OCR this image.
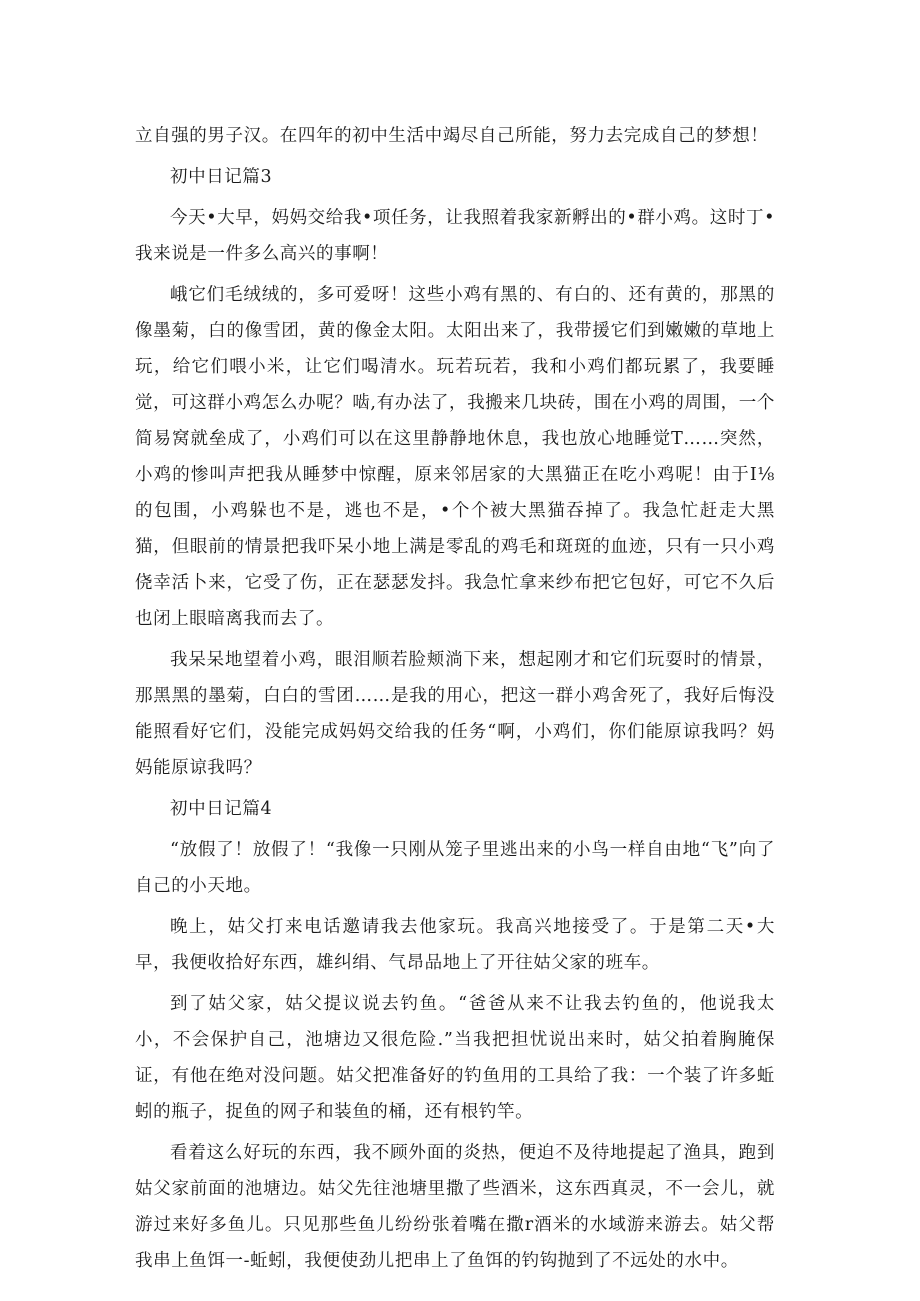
立自强的男子汉。在四年的初中生活中竭尽自己所能，努力去完成自己的梦想！

初中日记篇3

今天•大早，妈妈交给我•项任务，让我照着我家新孵出的•群小鸡。这时丁•我来说是一件多么高兴的事啊！

峨它们毛绒绒的，多可爱呀！这些小鸡有黑的、有白的、还有黄的，那黑的像墨菊，白的像雪团，黄的像金太阳。太阳出来了，我带援它们到嫩嫩的草地上玩，给它们喂小米，让它们喝清水。玩若玩若，我和小鸡们都玩累了，我要睡觉，可这群小鸡怎么办呢？啮,有办法了，我搬来几块砖，围在小鸡的周围，一个简易窝就垒成了，小鸡们可以在这里静静地休息，我也放心地睡觉T……突然，小鸡的惨叫声把我从睡梦中惊醒，原来邻居家的大黑猫正在吃小鸡呢！由于I⅛的包围，小鸡躲也不是，逃也不是，•个个被大黑猫吞掉了。我急忙赶走大黑猫，但眼前的情景把我吓呆小地上满是零乱的鸡毛和斑斑的血迹，只有一只小鸡侥幸活卜来，它受了伤，正在瑟瑟发抖。我急忙拿来纱布把它包好，可它不久后也闭上眼暗离我而去了。

我呆呆地望着小鸡，眼泪顺若脸颊淌下来，想起刚才和它们玩耍时的情景，那黑黑的墨菊，白白的雪团……是我的用心，把这一群小鸡舍死了，我好后悔没能照看好它们，没能完成妈妈交给我的任务“啊，小鸡们，你们能原谅我吗？妈妈能原谅我吗？

初中日记篇4

“放假了！放假了！“我像一只刚从笼子里逃出来的小鸟一样自由地“飞”向了自己的小天地。

晚上，姑父打来电话邀请我去他家玩。我高兴地接受了。于是第二天•大早，我便收拾好东西，雄纠绢、气昂品地上了开往姑父家的班车。

到了姑父家，姑父提议说去钓鱼。“爸爸从来不让我去钓鱼的，他说我太小，不会保护自己，池塘边又很危险.”当我把担忧说出来时，姑父拍着胸腌保证，有他在绝对没问题。姑父把准备好的钓鱼用的工具给了我：一个装了许多蚯蚓的瓶子，捉鱼的网子和装鱼的桶，还有根钓竿。

看着这么好玩的东西，我不顾外面的炎热，便迫不及待地提起了渔具，跑到姑父家前面的池塘边。姑父先往池塘里撒了些酒米，这东西真灵，不一会儿，就游过来好多鱼儿。只见那些鱼儿纷纷张着嘴在撒r酒米的水域游来游去。姑父帮我串上鱼饵一-蚯蚓，我便使劲儿把串上了鱼饵的钓钩抛到了不远处的水中。
